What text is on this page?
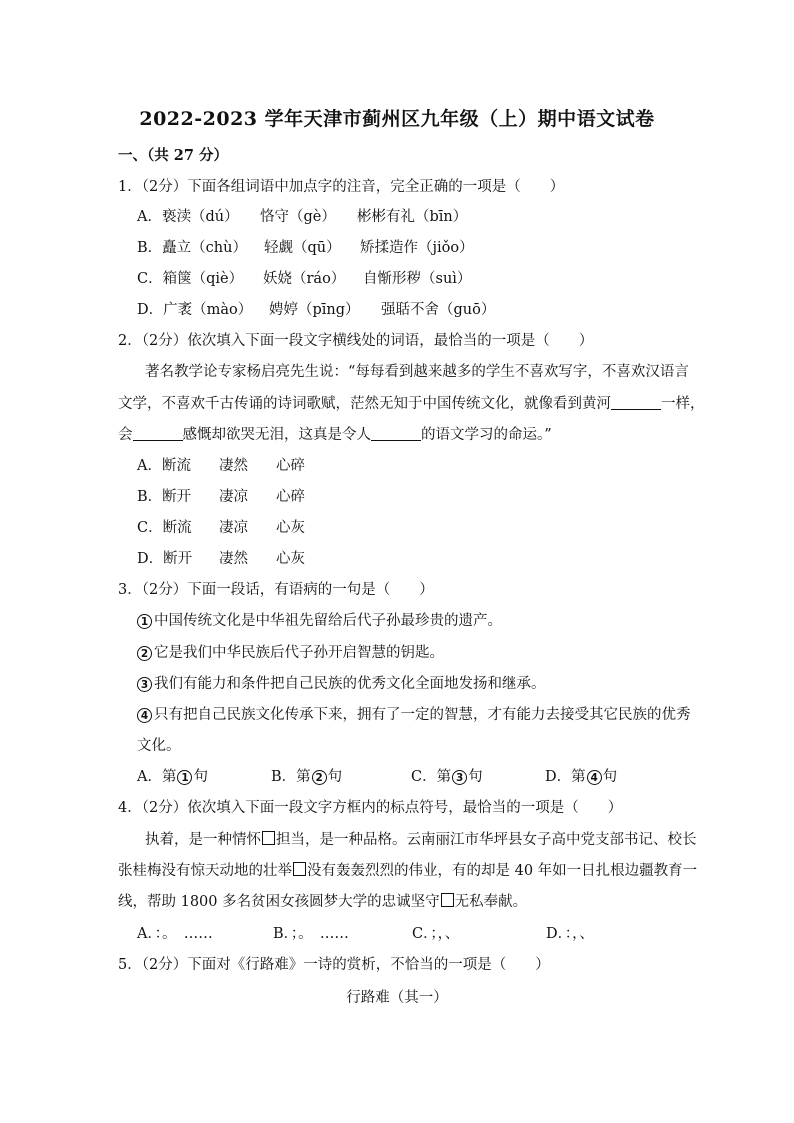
2022-2023 学年天津市蓟州区九年级（上）期中语文试卷
一、（共 27 分）
1．（2分）下面各组词语中加点字的注音，完全正确的一项是（　　）
A．亵渎（dú） 恪守（gè） 彬彬有礼（bīn）
B．矗立（chù） 轻觑（qū） 矫揉造作（jiǒo）
C．箱箧（qiè） 妖娆（ráo） 自惭形秽（suì）
D．广袤（mào） 娉婷（pīng） 强聒不舍（guō）
2．（2分）依次填入下面一段文字横线处的词语，最恰当的一项是（　　）
著名教学论专家杨启亮先生说：“每每看到越来越多的学生不喜欢写字，不喜欢汉语言
文学，不喜欢千古传诵的诗词歌赋，茫然无知于中国传统文化，就像看到黄河	一样，
会	感慨却欲哭无泪，这真是令人	的语文学习的命运。”
A．断流 凄然 心碎
B．断开 凄凉 心碎
C．断流 凄凉 心灰
D．断开 凄然 心灰
3．（2分）下面一段话，有语病的一句是（　　）
1 中国传统文化是中华祖先留给后代子孙最珍贵的遗产。
2 它是我们中华民族后代子孙开启智慧的钥匙。
3 我们有能力和条件把自己民族的优秀文化全面地发扬和继承。
4 只有把自己民族文化传承下来，拥有了一定的智慧，才有能力去接受其它民族的优秀
文化。
A．第 1 句	B．第 2 句	C．第 3 句	D．第 4 句
4．（2分）依次填入下面一段文字方框内的标点符号，最恰当的一项是（　　）
执着，是一种情怀 担当，是一种品格。云南丽江市华坪县女子高中党支部书记、校长
张桂梅没有惊天动地的壮举 没有轰轰烈烈的伟业，有的却是 40 年如一日扎根边疆教育一
线，帮助 1800 多名贫困女孩圆梦大学的忠诚坚守 无私奉献。
A．：。　……	B．；。　……	C．；，、	D．：，、
5．（2分）下面对《行路难》一诗的赏析，不恰当的一项是（　　）
行路难（其一）
